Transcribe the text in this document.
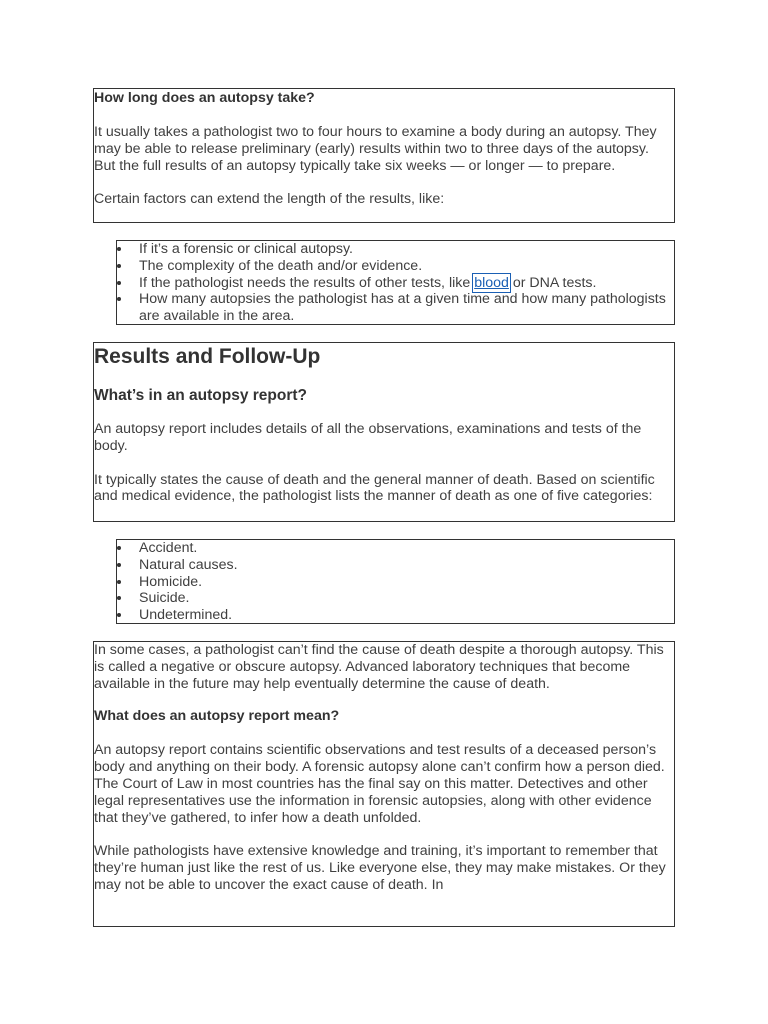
How long does an autopsy take?

It usually takes a pathologist two to four hours to examine a body during an autopsy. They may be able to release preliminary (early) results within two to three days of the autopsy. But the full results of an autopsy typically take six weeks — or longer — to prepare.

Certain factors can extend the length of the results, like:

If it’s a forensic or clinical autopsy.
The complexity of the death and/or evidence.
If the pathologist needs the results of other tests, like blood or DNA tests.
How many autopsies the pathologist has at a given time and how many pathologists are available in the area.

Results and Follow-Up

What’s in an autopsy report?

An autopsy report includes details of all the observations, examinations and tests of the body.

It typically states the cause of death and the general manner of death. Based on scientific and medical evidence, the pathologist lists the manner of death as one of five categories:

Accident.
Natural causes.
Homicide.
Suicide.
Undetermined.

In some cases, a pathologist can’t find the cause of death despite a thorough autopsy. This is called a negative or obscure autopsy. Advanced laboratory techniques that become available in the future may help eventually determine the cause of death.

What does an autopsy report mean?

An autopsy report contains scientific observations and test results of a deceased person’s body and anything on their body. A forensic autopsy alone can’t confirm how a person died. The Court of Law in most countries has the final say on this matter. Detectives and other legal representatives use the information in forensic autopsies, along with other evidence that they’ve gathered, to infer how a death unfolded.

While pathologists have extensive knowledge and training, it’s important to remember that they’re human just like the rest of us. Like everyone else, they may make mistakes. Or they may not be able to uncover the exact cause of death. In
